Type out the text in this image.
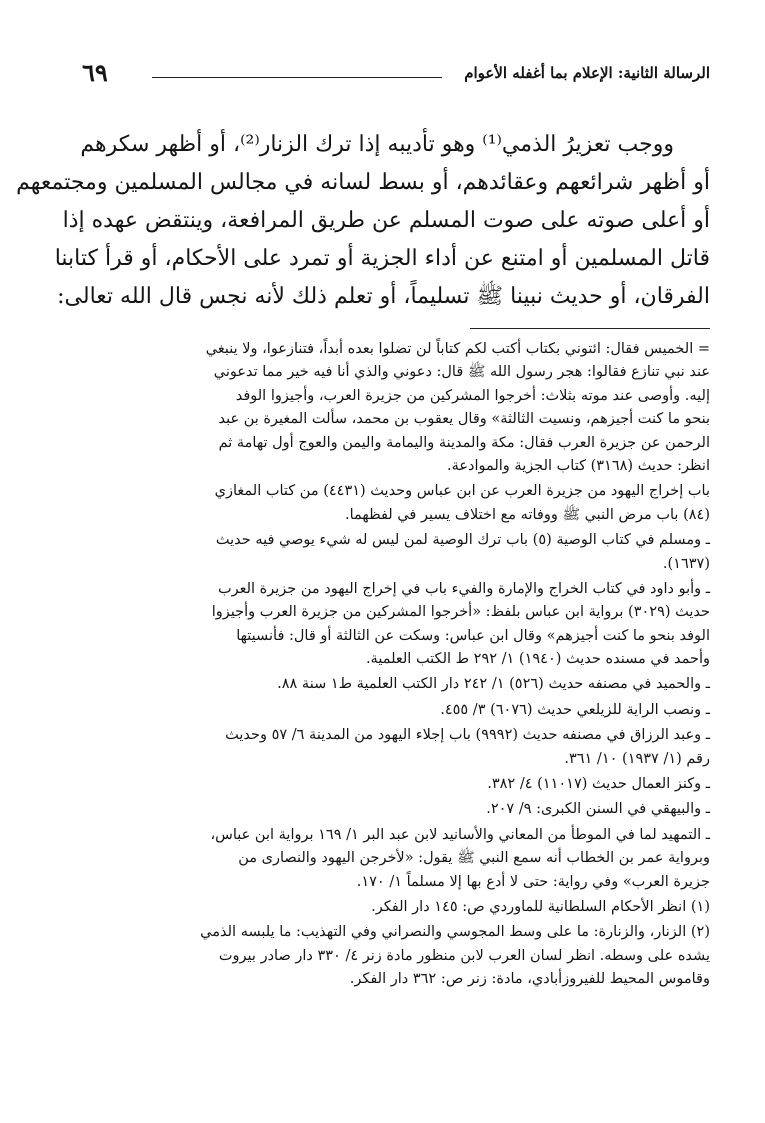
الرسالة الثانية: الإعلام بما أغفله الأعوام
٦٩
ووجب تعزيرُ الذمي⁽¹⁾ وهو تأديبه إذا ترك الزنار⁽²⁾، أو أظهر سكرهم
أو أظهر شرائعهم وعقائدهم، أو بسط لسانه في مجالس المسلمين ومجتمعهم
أو أعلى صوته على صوت المسلم عن طريق المرافعة، وينتقض عهده إذا
قاتل المسلمين أو امتنع عن أداء الجزية أو تمرد على الأحكام، أو قرأ كتابنا
الفرقان، أو حديث نبينا ﷺ تسليماً، أو تعلم ذلك لأنه نجس قال الله تعالى:
= الخميس فقال: ائتوني بكتاب أكتب لكم كتاباً لن تضلوا بعده أبداً، فتنازعوا، ولا ينبغي
عند نبي تنازع فقالوا: هجر رسول الله ﷺ قال: دعوني والذي أنا فيه خير مما تدعوني
إليه. وأوصى عند موته بثلاث: أخرجوا المشركين من جزيرة العرب، وأجيزوا الوفد
بنحو ما كنت أجيزهم، ونسيت الثالثة» وقال يعقوب بن محمد، سألت المغيرة بن عبد
الرحمن عن جزيرة العرب فقال: مكة والمدينة واليمامة واليمن والعوج أول تهامة ثم
انظر: حديث (٣١٦٨) كتاب الجزية والموادعة.
باب إخراج اليهود من جزيرة العرب عن ابن عباس وحديث (٤٤٣١) من كتاب المغازي
(٨٤) باب مرض النبي ﷺ ووفاته مع اختلاف يسير في لفظهما.
ـ ومسلم في كتاب الوصية (٥) باب ترك الوصية لمن ليس له شيء يوصي فيه حديث
(١٦٣٧).
ـ وأبو داود في كتاب الخراج والإمارة والفيء باب في إخراج اليهود من جزيرة العرب
حديث (٣٠٢٩) برواية ابن عباس بلفظ: «أخرجوا المشركين من جزيرة العرب وأجيزوا
الوفد بنحو ما كنت أجيزهم» وقال ابن عباس: وسكت عن الثالثة أو قال: فأنسيتها
وأحمد في مسنده حديث (١٩٤٠) ١/ ٢٩٢ ط الكتب العلمية.
ـ والحميد في مصنفه حديث (٥٢٦) ١/ ٢٤٢ دار الكتب العلمية ط١ سنة ٨٨.
ـ ونصب الراية للزيلعي حديث (٦٠٧٦) ٣/ ٤٥٥.
ـ وعبد الرزاق في مصنفه حديث (٩٩٩٢) باب إجلاء اليهود من المدينة ٦/ ٥٧ وحديث
رقم (١/ ١٩٣٧) ١٠/ ٣٦١.
ـ وكنز العمال حديث (١١٠١٧) ٤/ ٣٨٢.
ـ والبيهقي في السنن الكبرى: ٩/ ٢٠٧.
ـ التمهيد لما في الموطأ من المعاني والأسانيد لابن عبد البر ١/ ١٦٩ برواية ابن عباس،
وبرواية عمر بن الخطاب أنه سمع النبي ﷺ يقول: «لأخرجن اليهود والنصارى من
جزيرة العرب» وفي رواية: حتى لا أدع بها إلا مسلماً ١/ ١٧٠.
(١) انظر الأحكام السلطانية للماوردي ص: ١٤٥ دار الفكر.
(٢) الزنار، والزنارة: ما على وسط المجوسي والنصراني وفي التهذيب: ما يلبسه الذمي
يشده على وسطه. انظر لسان العرب لابن منظور مادة زنر ٤/ ٣٣٠ دار صادر بيروت
وقاموس المحيط للفيروزأبادي، مادة: زنر ص: ٣٦٢ دار الفكر.
